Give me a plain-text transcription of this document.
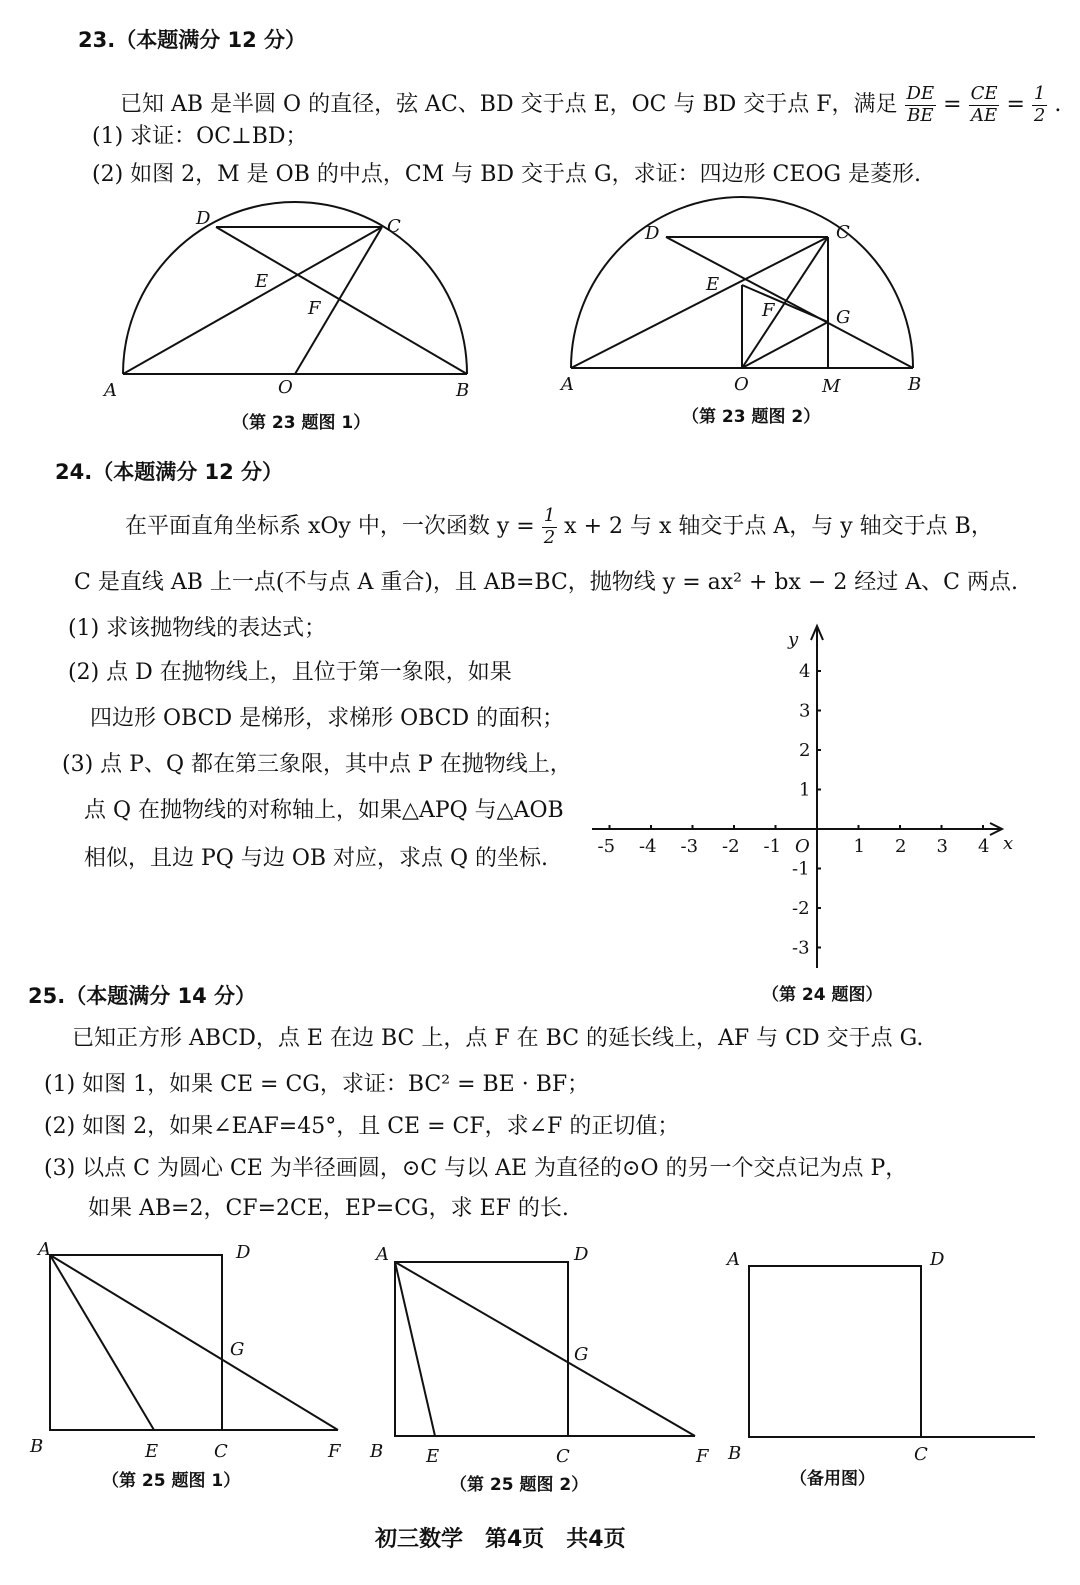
23.（本题满分 12 分）
已知 AB 是半圆 O 的直径，弦 AC、BD 交于点 E，OC 与 BD 交于点 F，满足 $\frac{DE}{BE} = \frac{CE}{AE} = \frac{1}{2}$ .
(1) 求证：OC⊥BD；
(2) 如图 2，M 是 OB 的中点，CM 与 BD 交于点 G，求证：四边形 CEOG 是菱形.
A	B
C
D
E
F
O
（第 23 题图 1）
A	B
C
D
E
F	G
O	M
（第 23 题图 2）
24.（本题满分 12 分）
在平面直角坐标系 xOy 中，一次函数 $y = \frac{1}{2}$ x + 2 与 x 轴交于点 A，与 y 轴交于点 B，
C 是直线 AB 上一点(不与点 A 重合)，且 AB=BC，抛物线 y = ax² + bx − 2 经过 A、C 两点.
(1) 求该抛物线的表达式；
(2) 点 D 在抛物线上，且位于第一象限，如果
四边形 OBCD 是梯形，求梯形 OBCD 的面积；
(3) 点 P、Q 都在第三象限，其中点 P 在抛物线上，
点 Q 在抛物线的对称轴上，如果△APQ 与△AOB
相似，且边 PQ 与边 OB 对应，求点 Q 的坐标.	-5 -4 -3 -2 -1	1 2 3 4
4
3
2
1
-1
-2
-3
x
y
O
（第 24 题图）
25.（本题满分 14 分）
已知正方形 ABCD，点 E 在边 BC 上，点 F 在 BC 的延长线上，AF 与 CD 交于点 G.
(1) 如图 1，如果 CE = CG，求证：BC² = BE · BF；
(2) 如图 2，如果∠EAF=45°，且 CE = CF，求∠F 的正切值；
(3) 以点 C 为圆心 CE 为半径画圆，⊙C 与以 AE 为直径的⊙O 的另一个交点记为点 P，
如果 AB=2，CF=2CE，EP=CG，求 EF 的长.
A	D
B	E	C	F
G
（第 25 题图 1）
A	D
B E	C	F
G
（第 25 题图 2）
A	D
B	C
（备用图）
初三数学　第4页　共4页
